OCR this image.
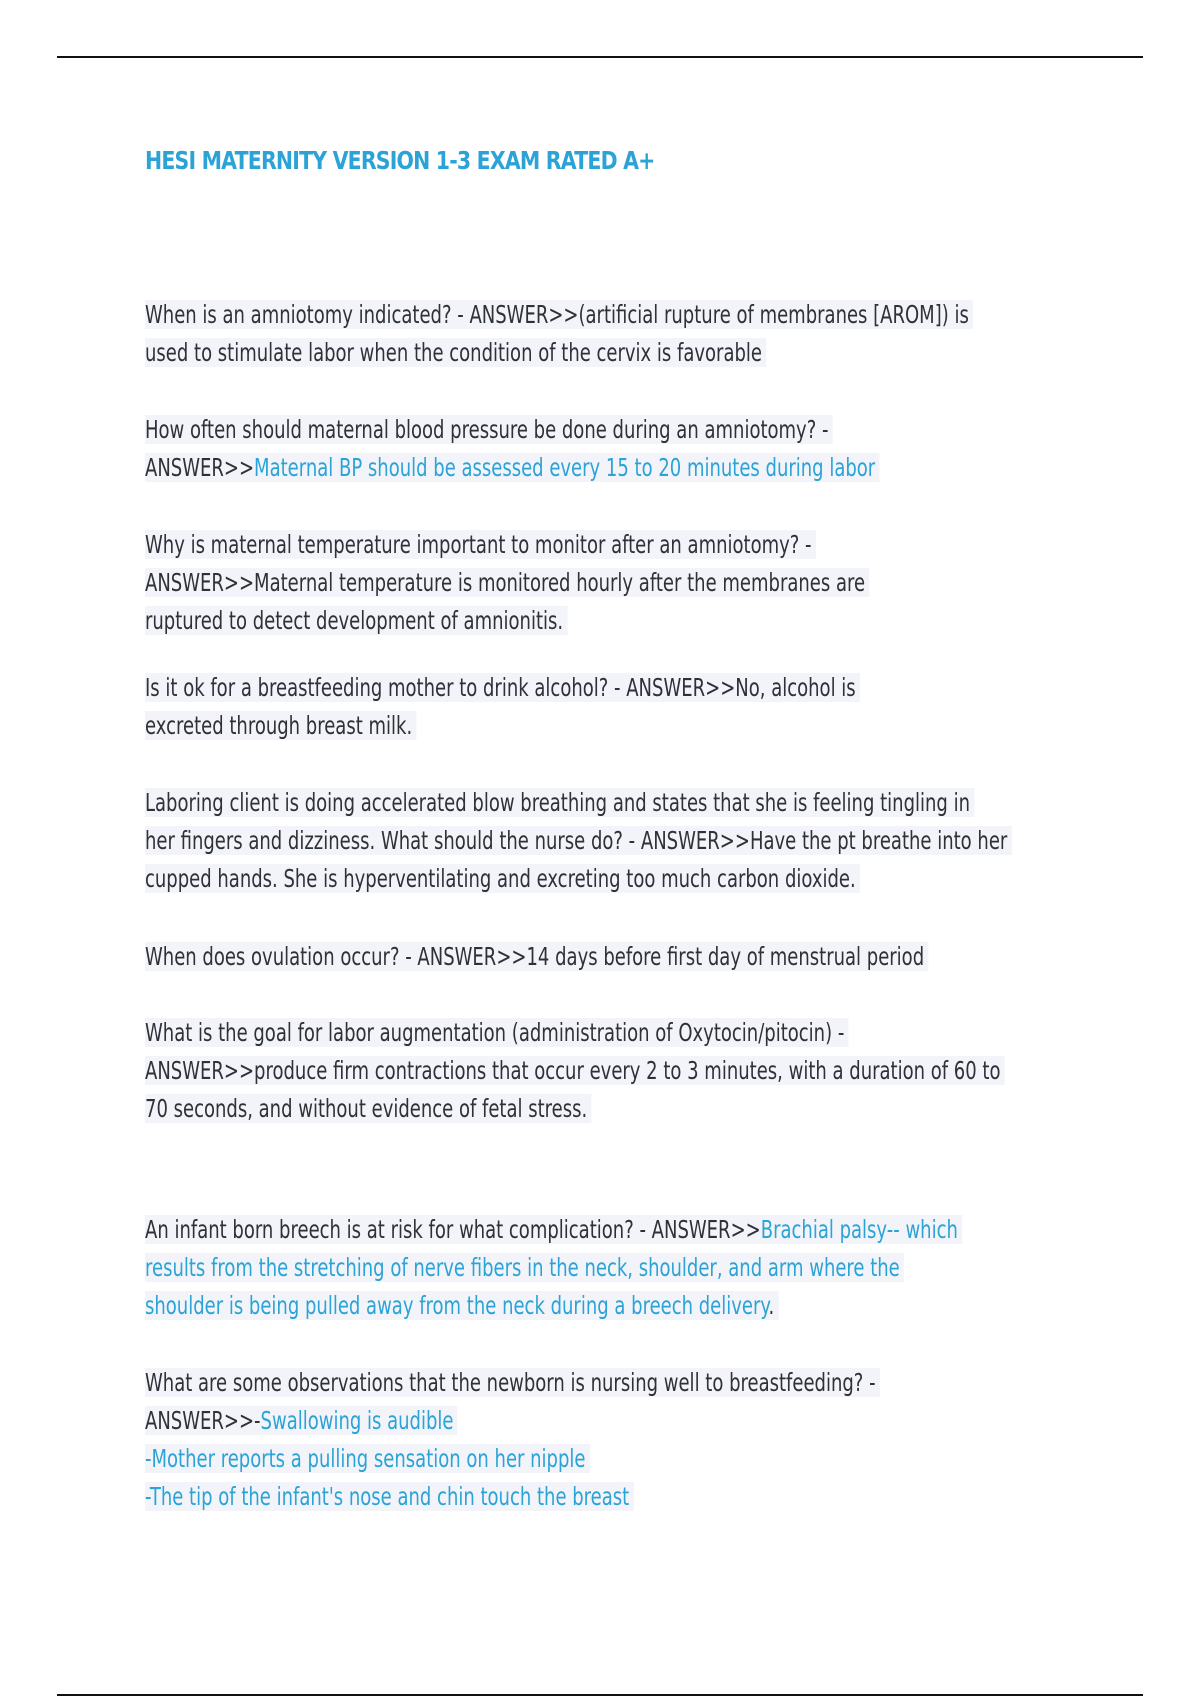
HESI MATERNITY VERSION 1-3 EXAM RATED A+
When is an amniotomy indicated? - ANSWER>>(artificial rupture of membranes [AROM]) is
used to stimulate labor when the condition of the cervix is favorable
How often should maternal blood pressure be done during an amniotomy? -
ANSWER>>Maternal BP should be assessed every 15 to 20 minutes during labor
Why is maternal temperature important to monitor after an amniotomy? -
ANSWER>>Maternal temperature is monitored hourly after the membranes are
ruptured to detect development of amnionitis.
Is it ok for a breastfeeding mother to drink alcohol? - ANSWER>>No, alcohol is
excreted through breast milk.
Laboring client is doing accelerated blow breathing and states that she is feeling tingling in
her fingers and dizziness. What should the nurse do? - ANSWER>>Have the pt breathe into her
cupped hands. She is hyperventilating and excreting too much carbon dioxide.
When does ovulation occur? - ANSWER>>14 days before first day of menstrual period
What is the goal for labor augmentation (administration of Oxytocin/pitocin) -
ANSWER>>produce firm contractions that occur every 2 to 3 minutes, with a duration of 60 to
70 seconds, and without evidence of fetal stress.
An infant born breech is at risk for what complication? - ANSWER>>Brachial palsy-- which
results from the stretching of nerve fibers in the neck, shoulder, and arm where the
shoulder is being pulled away from the neck during a breech delivery.
What are some observations that the newborn is nursing well to breastfeeding? -
ANSWER>>-Swallowing is audible
-Mother reports a pulling sensation on her nipple
-The tip of the infant's nose and chin touch the breast
